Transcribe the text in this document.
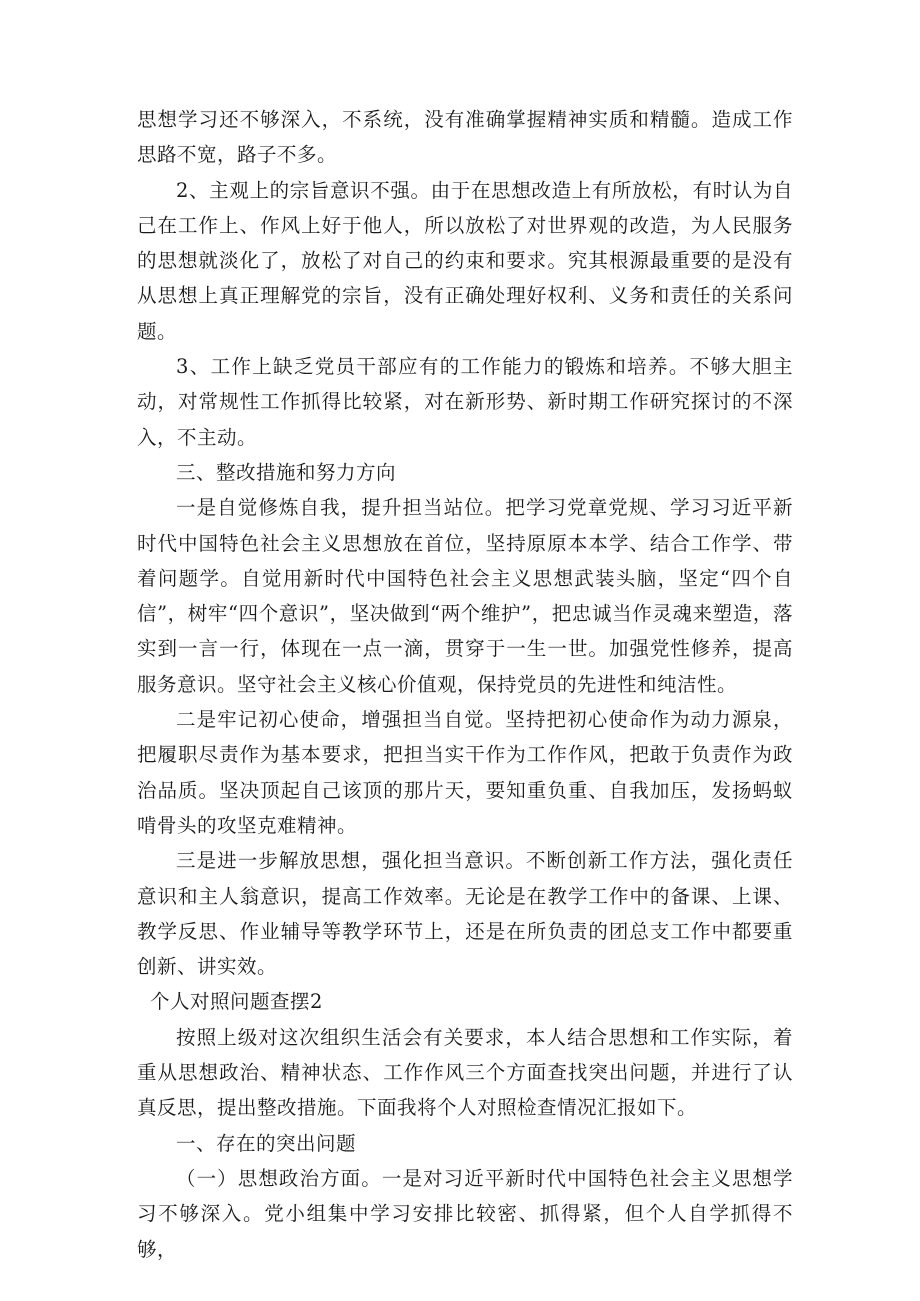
思想学习还不够深入，不系统，没有准确掌握精神实质和精髓。造成工作思路不宽，路子不多。

2、主观上的宗旨意识不强。由于在思想改造上有所放松，有时认为自己在工作上、作风上好于他人，所以放松了对世界观的改造，为人民服务的思想就淡化了，放松了对自己的约束和要求。究其根源最重要的是没有从思想上真正理解党的宗旨，没有正确处理好权利、义务和责任的关系问题。

3、工作上缺乏党员干部应有的工作能力的锻炼和培养。不够大胆主动，对常规性工作抓得比较紧，对在新形势、新时期工作研究探讨的不深入，不主动。

三、整改措施和努力方向

一是自觉修炼自我，提升担当站位。把学习党章党规、学习习近平新时代中国特色社会主义思想放在首位，坚持原原本本学、结合工作学、带着问题学。自觉用新时代中国特色社会主义思想武装头脑，坚定“四个自信”，树牢“四个意识”，坚决做到“两个维护”，把忠诚当作灵魂来塑造，落实到一言一行，体现在一点一滴，贯穿于一生一世。加强党性修养，提高服务意识。坚守社会主义核心价值观，保持党员的先进性和纯洁性。

二是牢记初心使命，增强担当自觉。坚持把初心使命作为动力源泉，把履职尽责作为基本要求，把担当实干作为工作作风，把敢于负责作为政治品质。坚决顶起自己该顶的那片天，要知重负重、自我加压，发扬蚂蚁啃骨头的攻坚克难精神。

三是进一步解放思想，强化担当意识。不断创新工作方法，强化责任意识和主人翁意识，提高工作效率。无论是在教学工作中的备课、上课、教学反思、作业辅导等教学环节上，还是在所负责的团总支工作中都要重创新、讲实效。

个人对照问题查摆2

按照上级对这次组织生活会有关要求，本人结合思想和工作实际，着重从思想政治、精神状态、工作作风三个方面查找突出问题，并进行了认真反思，提出整改措施。下面我将个人对照检查情况汇报如下。

一、存在的突出问题

（一）思想政治方面。一是对习近平新时代中国特色社会主义思想学习不够深入。党小组集中学习安排比较密、抓得紧，但个人自学抓得不够，
